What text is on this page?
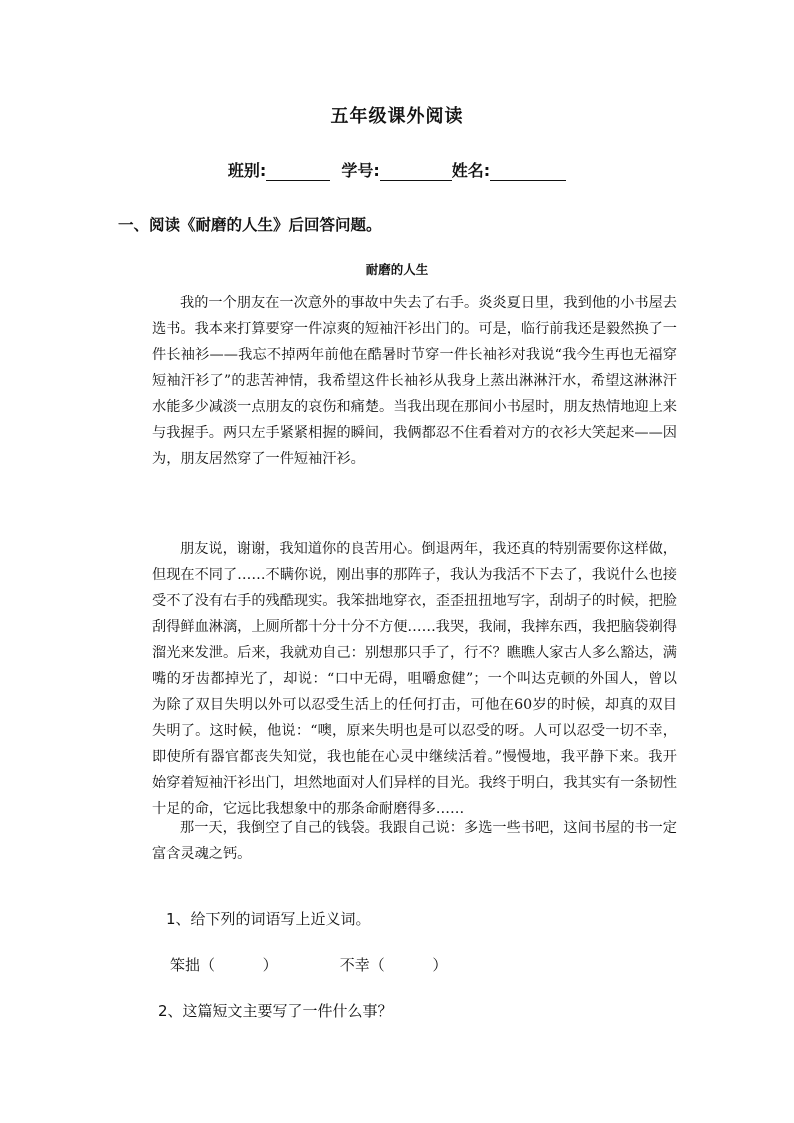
五年级课外阅读
班别:	学号:	姓名:
一、阅读《耐磨的人生》后回答问题。
耐磨的人生

我的一个朋友在一次意外的事故中失去了右手。炎炎夏日里，我到他的小书屋去选书。我本来打算要穿一件凉爽的短袖汗衫出门的。可是，临行前我还是毅然换了一件长袖衫——我忘不掉两年前他在酷暑时节穿一件长袖衫对我说“我今生再也无福穿短袖汗衫了”的悲苦神情，我希望这件长袖衫从我身上蒸出淋淋汗水，希望这淋淋汗水能多少减淡一点朋友的哀伤和痛楚。当我出现在那间小书屋时，朋友热情地迎上来与我握手。两只左手紧紧相握的瞬间，我俩都忍不住看着对方的衣衫大笑起来——因为，朋友居然穿了一件短袖汗衫。

朋友说，谢谢，我知道你的良苦用心。倒退两年，我还真的特别需要你这样做，但现在不同了……不瞒你说，刚出事的那阵子，我认为我活不下去了，我说什么也接受不了没有右手的残酷现实。我笨拙地穿衣，歪歪扭扭地写字，刮胡子的时候，把脸刮得鲜血淋漓，上厕所都十分十分不方便……我哭，我闹，我摔东西，我把脑袋剃得溜光来发泄。后来，我就劝自己：别想那只手了，行不？瞧瞧人家古人多么豁达，满嘴的牙齿都掉光了，却说：“口中无碍，咀嚼愈健”；一个叫达克顿的外国人，曾以为除了双目失明以外可以忍受生活上的任何打击，可他在60岁的时候，却真的双目失明了。这时候，他说：“噢，原来失明也是可以忍受的呀。人可以忍受一切不幸，即使所有器官都丧失知觉，我也能在心灵中继续活着。”慢慢地，我平静下来。我开始穿着短袖汗衫出门，坦然地面对人们异样的目光。我终于明白，我其实有一条韧性十足的命，它远比我想象中的那条命耐磨得多……

那一天，我倒空了自己的钱袋。我跟自己说：多选一些书吧，这间书屋的书一定富含灵魂之钙。

1、给下列的词语写上近义词。
笨拙（          ）	不幸（          ）
2、这篇短文主要写了一件什么事？
